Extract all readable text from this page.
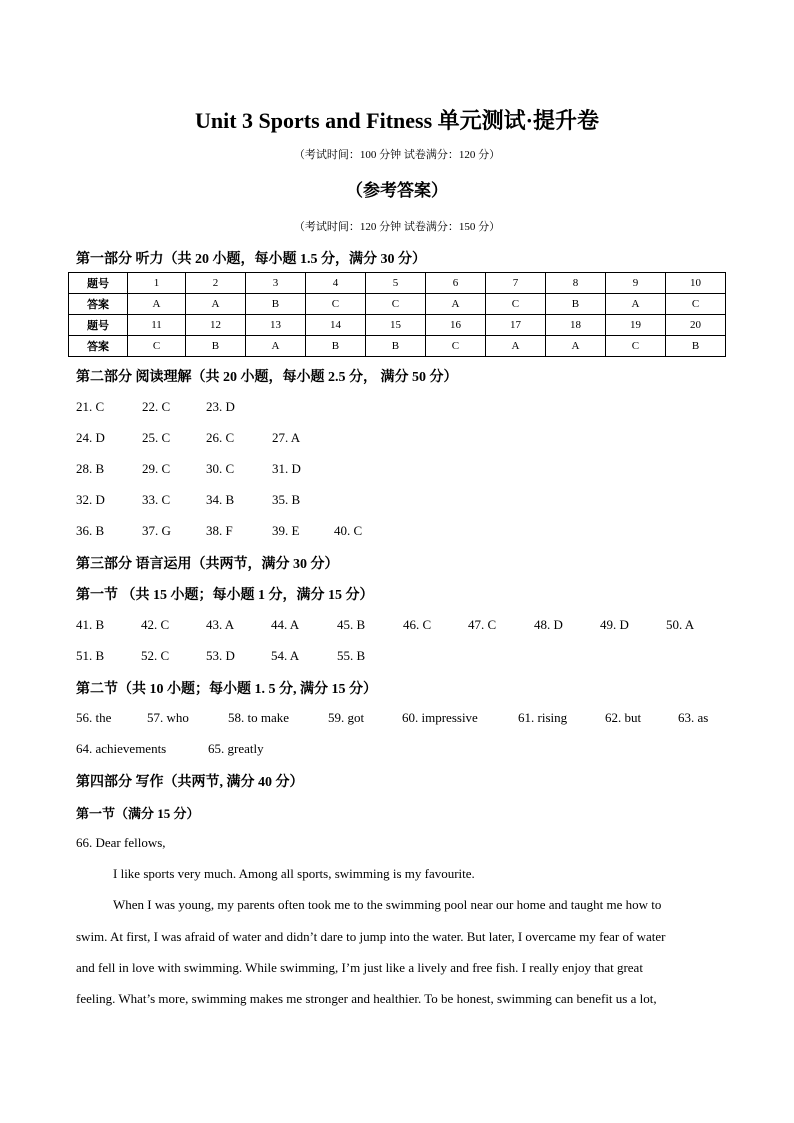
Unit 3 Sports and Fitness 单元测试·提升卷
（考试时间：100 分钟 试卷满分：120 分）
（参考答案）
（考试时间：120 分钟 试卷满分：150 分）
第一部分 听力（共 20 小题，每小题 1.5 分，满分 30 分）
题号	1	2	3	4	5	6	7	8	9	10
答案	A	A	B	C	C	A	C	B	A	C
题号	11	12	13	14	15	16	17	18	19	20
答案	C	B	A	B	B	C	A	A	C	B
第二部分 阅读理解（共 20 小题，每小题 2.5 分， 满分 50 分）
21. C	22. C	23. D
24. D	25. C	26. C	27. A
28. B	29. C	30. C	31. D
32. D	33. C	34. B	35. B
36. B	37. G	38. F	39. E	40. C
第三部分 语言运用（共两节，满分 30 分）
第一节 （共 15 小题；每小题 1 分，满分 15 分）
41. B	42. C	43. A	44. A	45. B	46. C	47. C	48. D	49. D	50. A
51. B	52. C	53. D	54. A	55. B
第二节（共 10 小题；每小题 1. 5 分, 满分 15 分）
56. the	57. who	58. to make	59. got	60. impressive	61. rising	62. but	63. as
64. achievements	65. greatly
第四部分 写作（共两节, 满分 40 分）
第一节（满分 15 分）
66. Dear fellows,
I like sports very much. Among all sports, swimming is my favourite.
When I was young, my parents often took me to the swimming pool near our home and taught me how to
swim. At first, I was afraid of water and didn’t dare to jump into the water. But later, I overcame my fear of water
and fell in love with swimming. While swimming, I’m just like a lively and free fish. I really enjoy that great
feeling. What’s more, swimming makes me stronger and healthier. To be honest, swimming can benefit us a lot,
